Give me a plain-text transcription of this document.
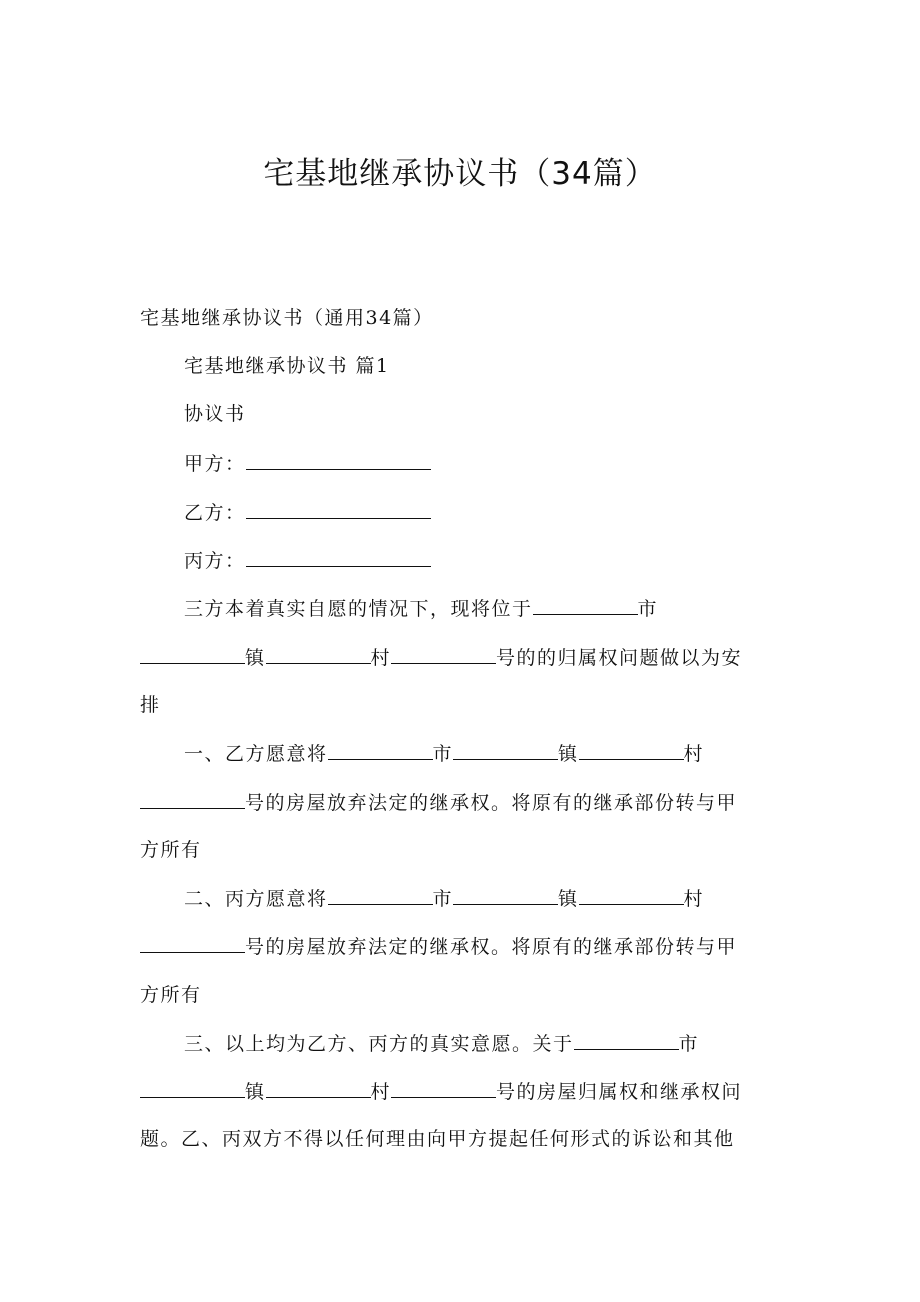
宅基地继承协议书（34篇）
宅基地继承协议书（通用34篇）
宅基地继承协议书 篇1
协议书
甲方：
乙方：
丙方：
三方本着真实自愿的情况下，现将位于	市
镇	村	号的的归属权问题做以为安
排
一、乙方愿意将	市	镇	村
号的房屋放弃法定的继承权。将原有的继承部份转与甲
方所有
二、丙方愿意将	市	镇	村
号的房屋放弃法定的继承权。将原有的继承部份转与甲
方所有
三、以上均为乙方、丙方的真实意愿。关于	市
镇	村	号的房屋归属权和继承权问
题。乙、丙双方不得以任何理由向甲方提起任何形式的诉讼和其他
